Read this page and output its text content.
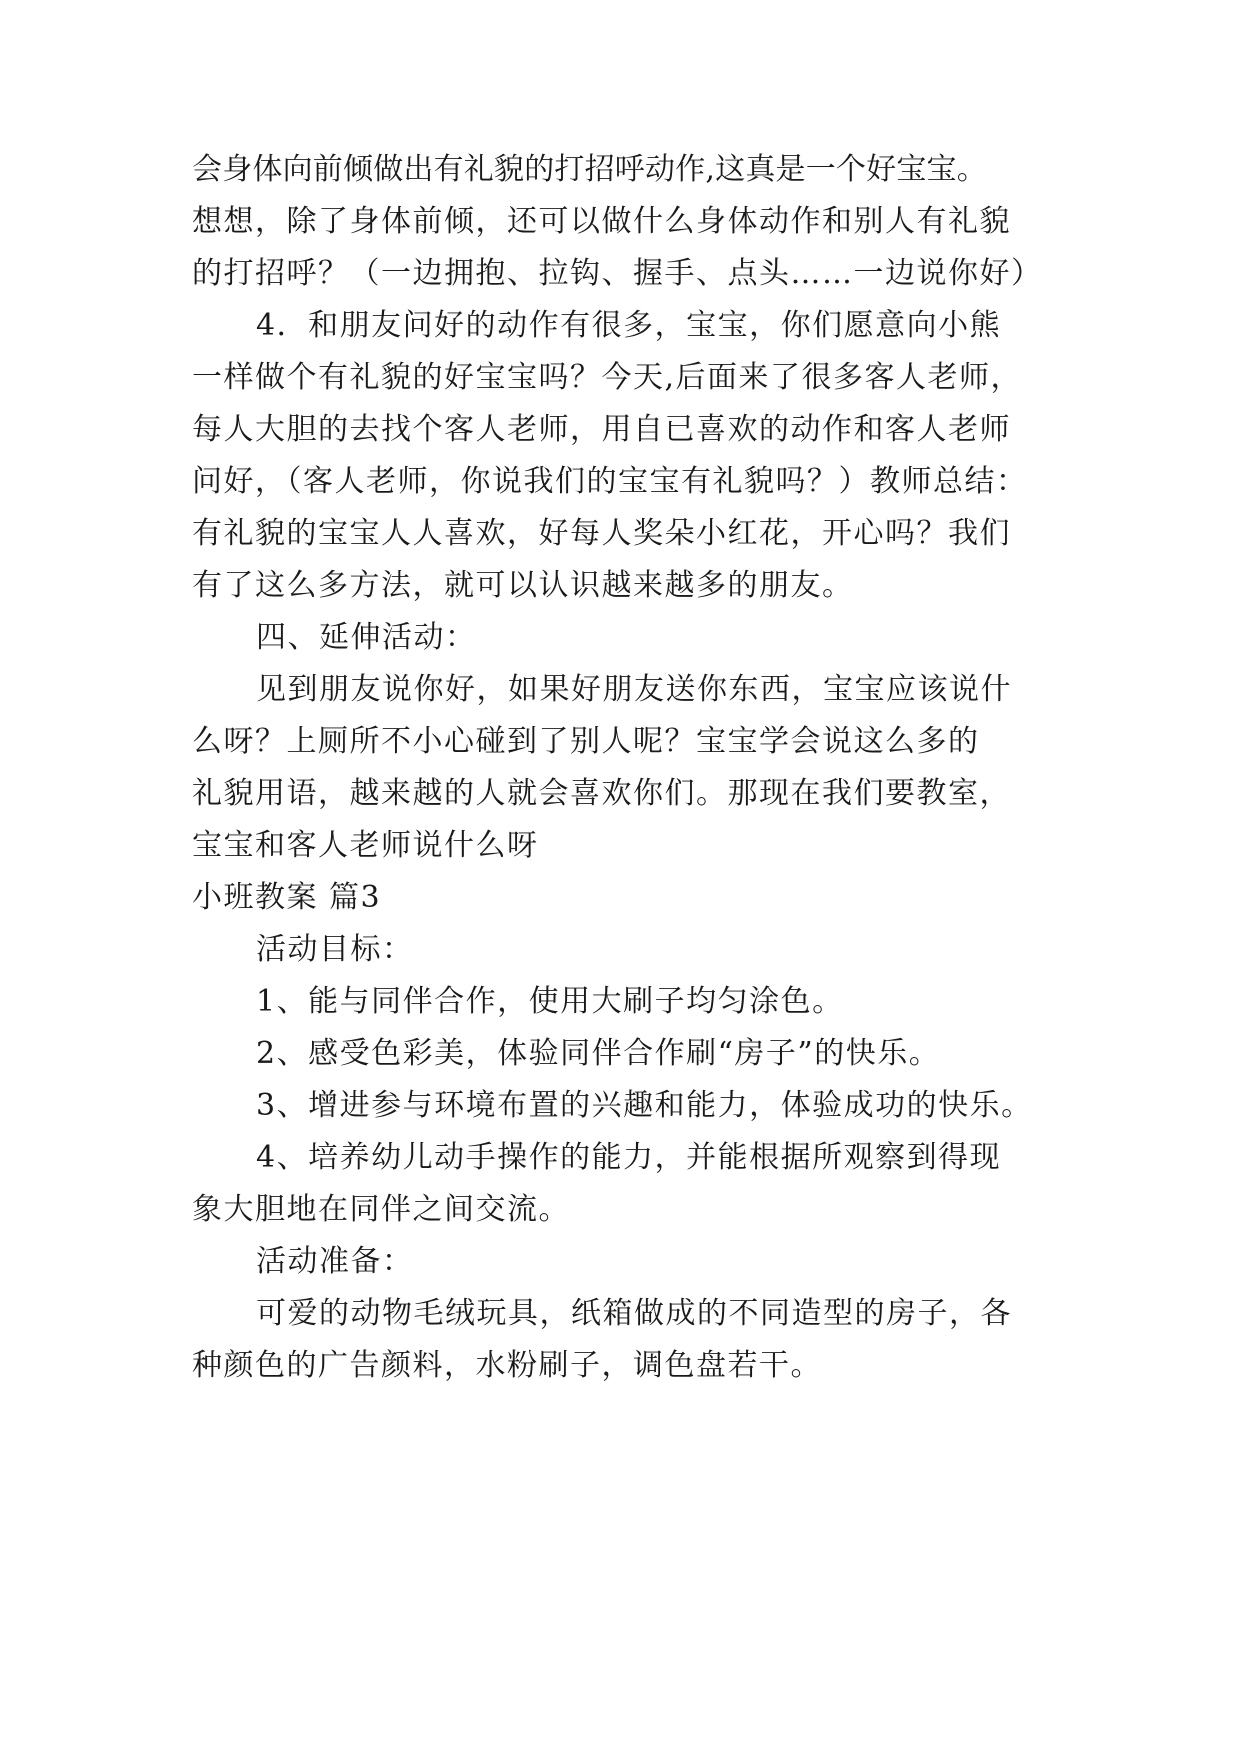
会身体向前倾做出有礼貌的打招呼动作,这真是一个好宝宝。
想想，除了身体前倾，还可以做什么身体动作和别人有礼貌
的打招呼？（一边拥抱、拉钩、握手、点头……一边说你好）
4．和朋友问好的动作有很多，宝宝，你们愿意向小熊
一样做个有礼貌的好宝宝吗？今天,后面来了很多客人老师，
每人大胆的去找个客人老师，用自已喜欢的动作和客人老师
问好，（客人老师，你说我们的宝宝有礼貌吗？）教师总结：
有礼貌的宝宝人人喜欢，好每人奖朵小红花，开心吗？我们
有了这么多方法，就可以认识越来越多的朋友。
四、延伸活动：
见到朋友说你好，如果好朋友送你东西，宝宝应该说什
么呀？上厕所不小心碰到了别人呢？宝宝学会说这么多的
礼貌用语，越来越的人就会喜欢你们。那现在我们要教室，
宝宝和客人老师说什么呀
小班教案 篇3
活动目标：
1、能与同伴合作，使用大刷子均匀涂色。
2、感受色彩美，体验同伴合作刷“房子”的快乐。
3、增进参与环境布置的兴趣和能力，体验成功的快乐。
4、培养幼儿动手操作的能力，并能根据所观察到得现
象大胆地在同伴之间交流。
活动准备：
可爱的动物毛绒玩具，纸箱做成的不同造型的房子，各
种颜色的广告颜料，水粉刷子，调色盘若干。
